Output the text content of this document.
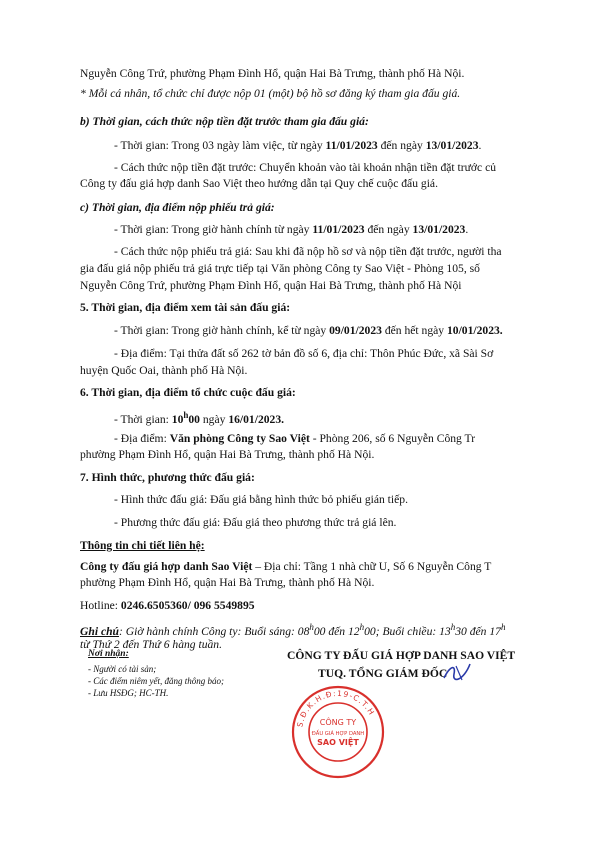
Nguyễn Công Trứ, phường Phạm Đình Hổ, quận Hai Bà Trưng, thành phố Hà Nội.
* Mỗi cá nhân, tổ chức chỉ được nộp 01 (một) bộ hồ sơ đăng ký tham gia đấu giá.
b) Thời gian, cách thức nộp tiền đặt trước tham gia đấu giá:
- Thời gian: Trong 03 ngày làm việc, từ ngày 11/01/2023 đến ngày 13/01/2023.
- Cách thức nộp tiền đặt trước: Chuyển khoản vào tài khoản nhận tiền đặt trước củ
Công ty đấu giá hợp danh Sao Việt theo hướng dẫn tại Quy chế cuộc đấu giá.
c) Thời gian, địa điểm nộp phiếu trả giá:
- Thời gian: Trong giờ hành chính từ ngày 11/01/2023 đến ngày 13/01/2023.
- Cách thức nộp phiếu trả giá: Sau khi đã nộp hồ sơ và nộp tiền đặt trước, người tha
gia đấu giá nộp phiếu trả giá trực tiếp tại Văn phòng Công ty Sao Việt - Phòng 105, số
Nguyễn Công Trứ, phường Phạm Đình Hổ, quận Hai Bà Trưng, thành phố Hà Nội
5. Thời gian, địa điểm xem tài sản đấu giá:
- Thời gian: Trong giờ hành chính, kể từ ngày 09/01/2023 đến hết ngày 10/01/2023.
- Địa điểm: Tại thửa đất số 262 tờ bản đồ số 6, địa chỉ: Thôn Phúc Đức, xã Sài Sơ
huyện Quốc Oai, thành phố Hà Nội.
6. Thời gian, địa điểm tổ chức cuộc đấu giá:
- Thời gian: 10$^h$00 ngày 16/01/2023.
- Địa điểm: Văn phòng Công ty Sao Việt - Phòng 206, số 6 Nguyễn Công Tr
phường Phạm Đình Hổ, quận Hai Bà Trưng, thành phố Hà Nội.
7. Hình thức, phương thức đấu giá:
- Hình thức đấu giá: Đấu giá bằng hình thức bỏ phiếu gián tiếp.
- Phương thức đấu giá: Đấu giá theo phương thức trả giá lên.
Thông tin chi tiết liên hệ:
Công ty đấu giá hợp danh Sao Việt – Địa chỉ: Tầng 1 nhà chữ U, Số 6 Nguyễn Công T
phường Phạm Đình Hổ, quận Hai Bà Trưng, thành phố Hà Nội.
Hotline: 0246.6505360/ 096 5549895
Ghi chú: Giờ hành chính Công ty: Buổi sáng: 08$^h$00 đến 12$^h$00; Buổi chiều: 13$^h$30 đến 17$^h$
từ Thứ 2 đến Thứ 6 hàng tuần.
Nơi nhận:
- Người có tài sản;
- Các điểm niêm yết, đăng thông báo;
- Lưu HSĐG; HC-TH.
CÔNG TY ĐẤU GIÁ HỢP DANH SAO VIỆT
TUQ. TỔNG GIÁM ĐỐC
S.Đ.K.H.Đ:19-C.T.H
CÔNG TY
ĐẤU GIÁ HỢP DANH
SAO VIỆT
